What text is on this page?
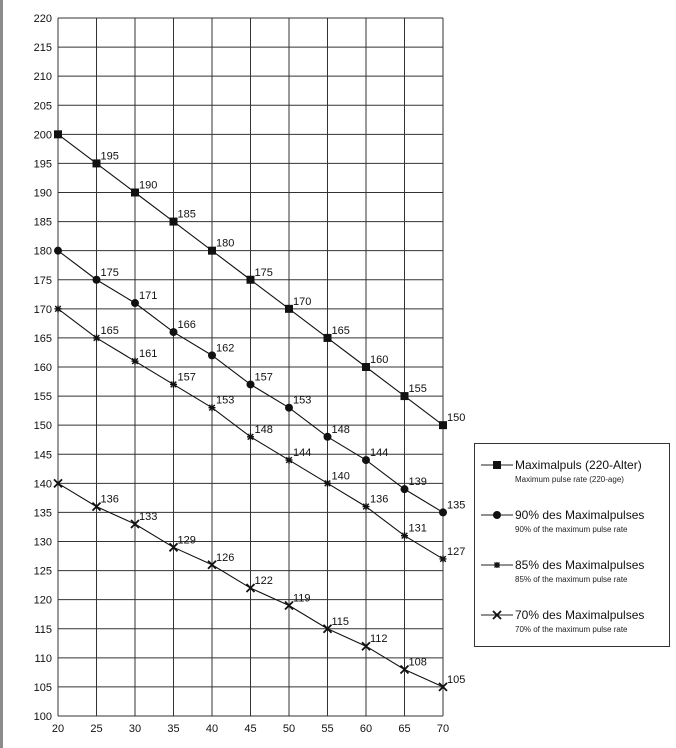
20 25 30 35 40 45 50 55 60 65 70
100
105
110
115
120
125
130
135
140
145
150
155
160
165
170
175
180
185
190
195
200
205
210
215
220
195
190
185
180
175
170
165
160
155
150
175
171
166
162
157
153
148
144
139
135
165
161
157
153
148
144
140
136
131
127
136
133
129
126
122
119
115
112
108
105
Maximalpuls (220-Alter)
Maximum pulse rate (220-age)
90% des Maximalpulses
90% of the maximum pulse rate
85% des Maximalpulses
85% of the maximum pulse rate
70% des Maximalpulses
70% of the maximum pulse rate
